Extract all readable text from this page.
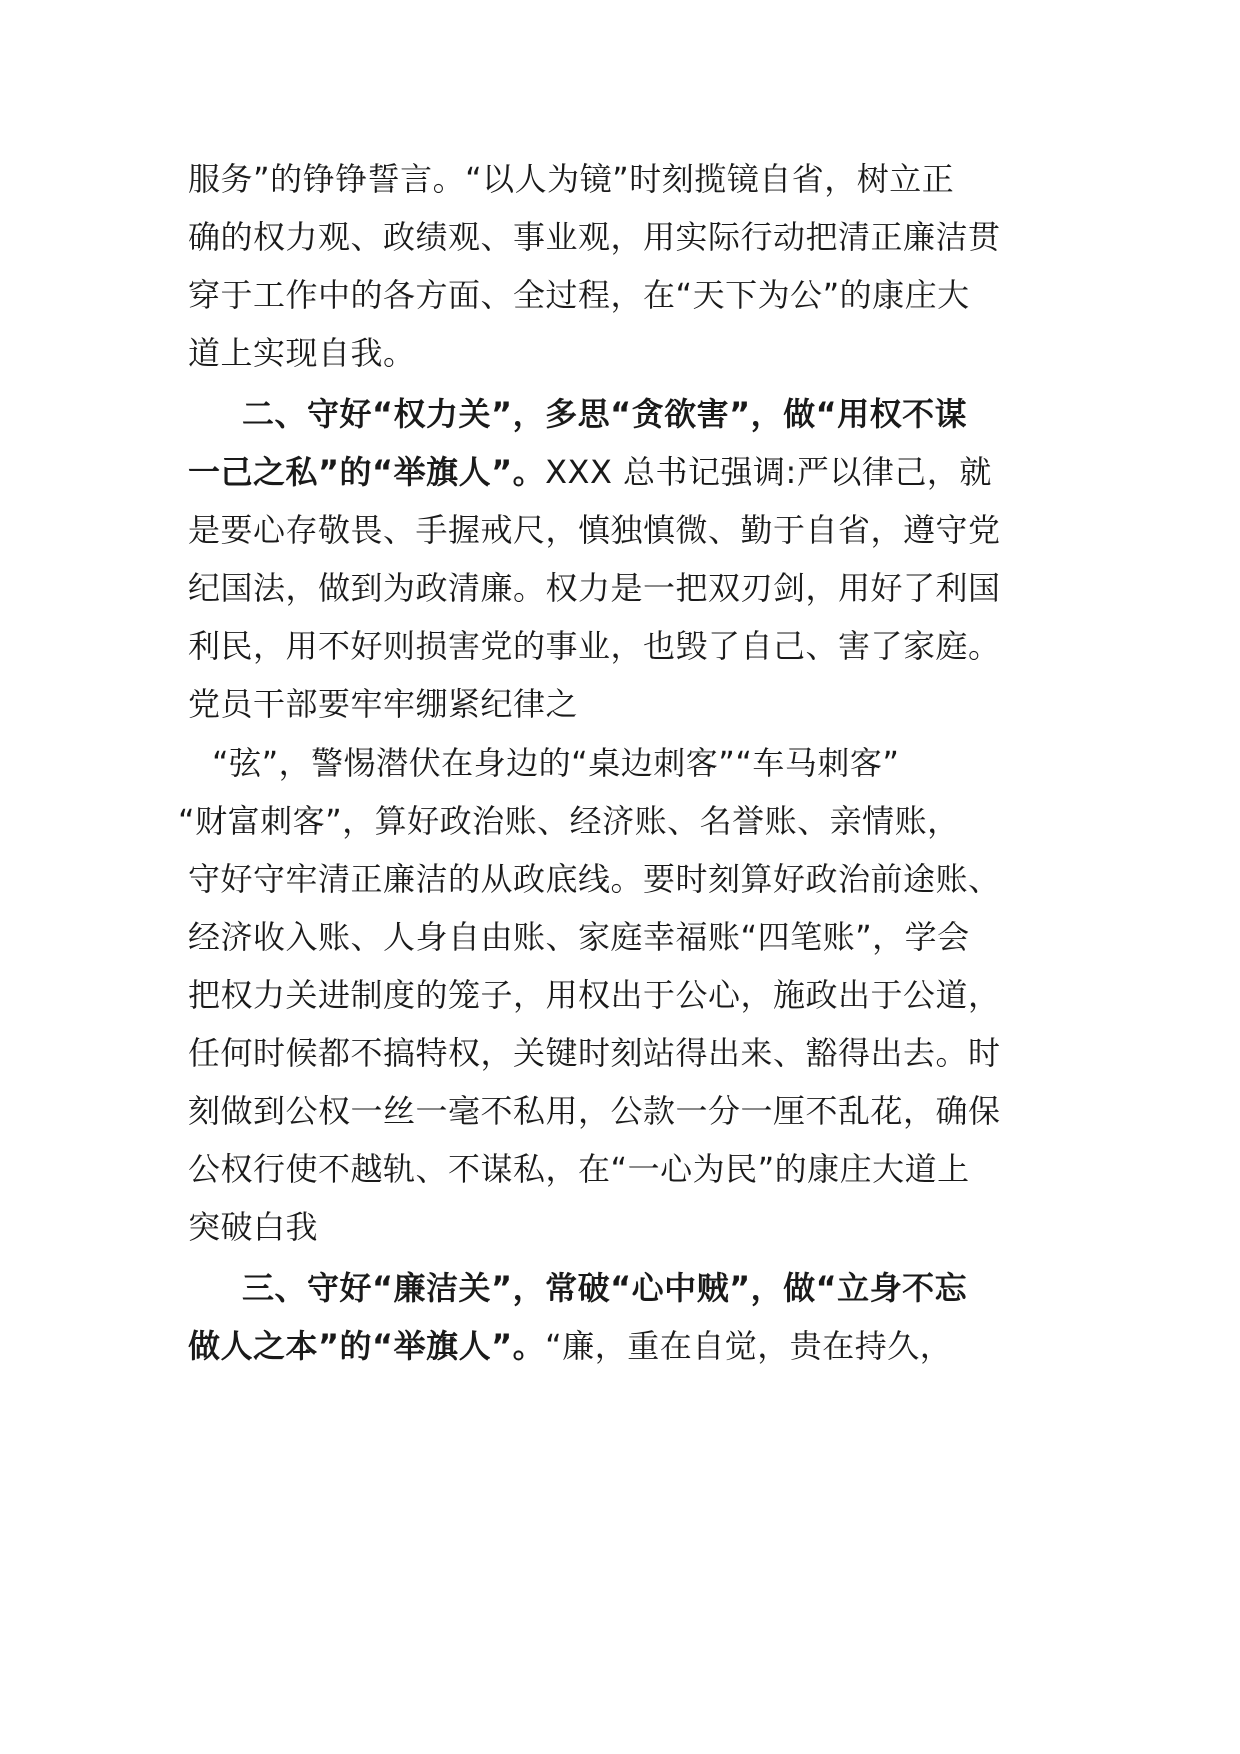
服务”的铮铮誓言。“以人为镜”时刻揽镜自省，树立正
确的权力观、政绩观、事业观，用实际行动把清正廉洁贯
穿于工作中的各方面、全过程，在“天下为公”的康庄大
道上实现自我。
二、守好“权力关”，多思“贪欲害”，做“用权不谋
一己之私”的“举旗人”。XXX 总书记强调:严以律己，就
是要心存敬畏、手握戒尺，慎独慎微、勤于自省，遵守党
纪国法，做到为政清廉。权力是一把双刃剑，用好了利国
利民，用不好则损害党的事业，也毁了自己、害了家庭。
党员干部要牢牢绷紧纪律之
“弦”，警惕潜伏在身边的“桌边刺客”“车马刺客”
“财富刺客”，算好政治账、经济账、名誉账、亲情账，
守好守牢清正廉洁的从政底线。要时刻算好政治前途账、
经济收入账、人身自由账、家庭幸福账“四笔账”，学会
把权力关进制度的笼子，用权出于公心，施政出于公道，
任何时候都不搞特权，关键时刻站得出来、豁得出去。时
刻做到公权一丝一毫不私用，公款一分一厘不乱花，确保
公权行使不越轨、不谋私，在“一心为民”的康庄大道上
突破白我
三、守好“廉洁关”，常破“心中贼”，做“立身不忘
做人之本”的“举旗人”。“廉，重在自觉，贵在持久，
